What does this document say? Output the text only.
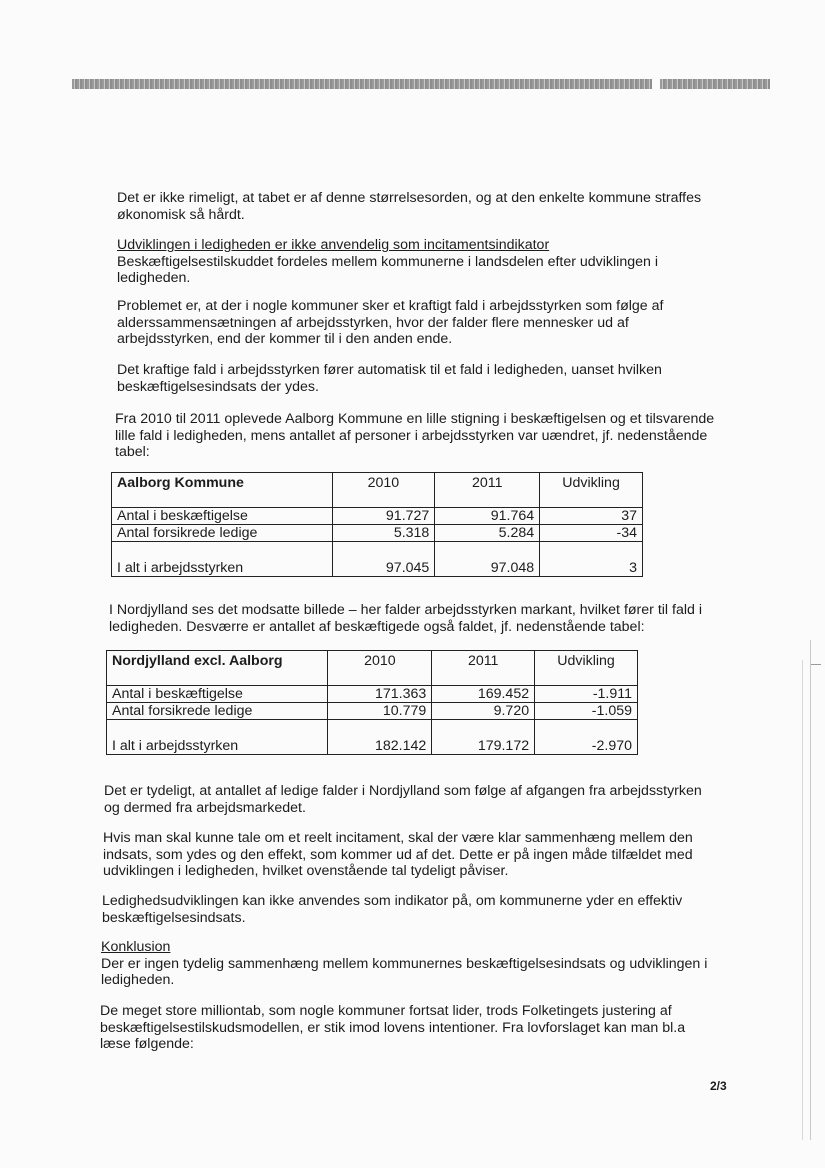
Det er ikke rimeligt, at tabet er af denne størrelsesorden, og at den enkelte kommune straffes økonomisk så hårdt.

Udviklingen i ledigheden er ikke anvendelig som incitamentsindikator

Beskæftigelsestilskuddet fordeles mellem kommunerne i landsdelen efter udviklingen i ledigheden.

Problemet er, at der i nogle kommuner sker et kraftigt fald i arbejdsstyrken som følge af alderssammensætningen af arbejdsstyrken, hvor der falder flere mennesker ud af arbejdsstyrken, end der kommer til i den anden ende.

Det kraftige fald i arbejdsstyrken fører automatisk til et fald i ledigheden, uanset hvilken beskæftigelsesindsats der ydes.

Fra 2010 til 2011 oplevede Aalborg Kommune en lille stigning i beskæftigelsen og et tilsvarende lille fald i ledigheden, mens antallet af personer i arbejdsstyrken var uændret, jf. nedenstående tabel:

Aalborg Kommune	2010	2011	Udvikling
Antal i beskæftigelse	91.727	91.764	37
Antal forsikrede ledige	5.318	5.284	-34
I alt i arbejdsstyrken	97.045	97.048	3

I Nordjylland ses det modsatte billede – her falder arbejdsstyrken markant, hvilket fører til fald i ledigheden. Desværre er antallet af beskæftigede også faldet, jf. nedenstående tabel:

Nordjylland excl. Aalborg	2010	2011	Udvikling
Antal i beskæftigelse	171.363	169.452	-1.911
Antal forsikrede ledige	10.779	9.720	-1.059
I alt i arbejdsstyrken	182.142	179.172	-2.970

Det er tydeligt, at antallet af ledige falder i Nordjylland som følge af afgangen fra arbejdsstyrken og dermed fra arbejdsmarkedet.

Hvis man skal kunne tale om et reelt incitament, skal der være klar sammenhæng mellem den indsats, som ydes og den effekt, som kommer ud af det. Dette er på ingen måde tilfældet med udviklingen i ledigheden, hvilket ovenstående tal tydeligt påviser.

Ledighedsudviklingen kan ikke anvendes som indikator på, om kommunerne yder en effektiv beskæftigelsesindsats.

Konklusion

Der er ingen tydelig sammenhæng mellem kommunernes beskæftigelsesindsats og udviklingen i ledigheden.

De meget store milliontab, som nogle kommuner fortsat lider, trods Folketingets justering af beskæftigelsestilskudsmodellen, er stik imod lovens intentioner. Fra lovforslaget kan man bl.a læse følgende:

2/3
